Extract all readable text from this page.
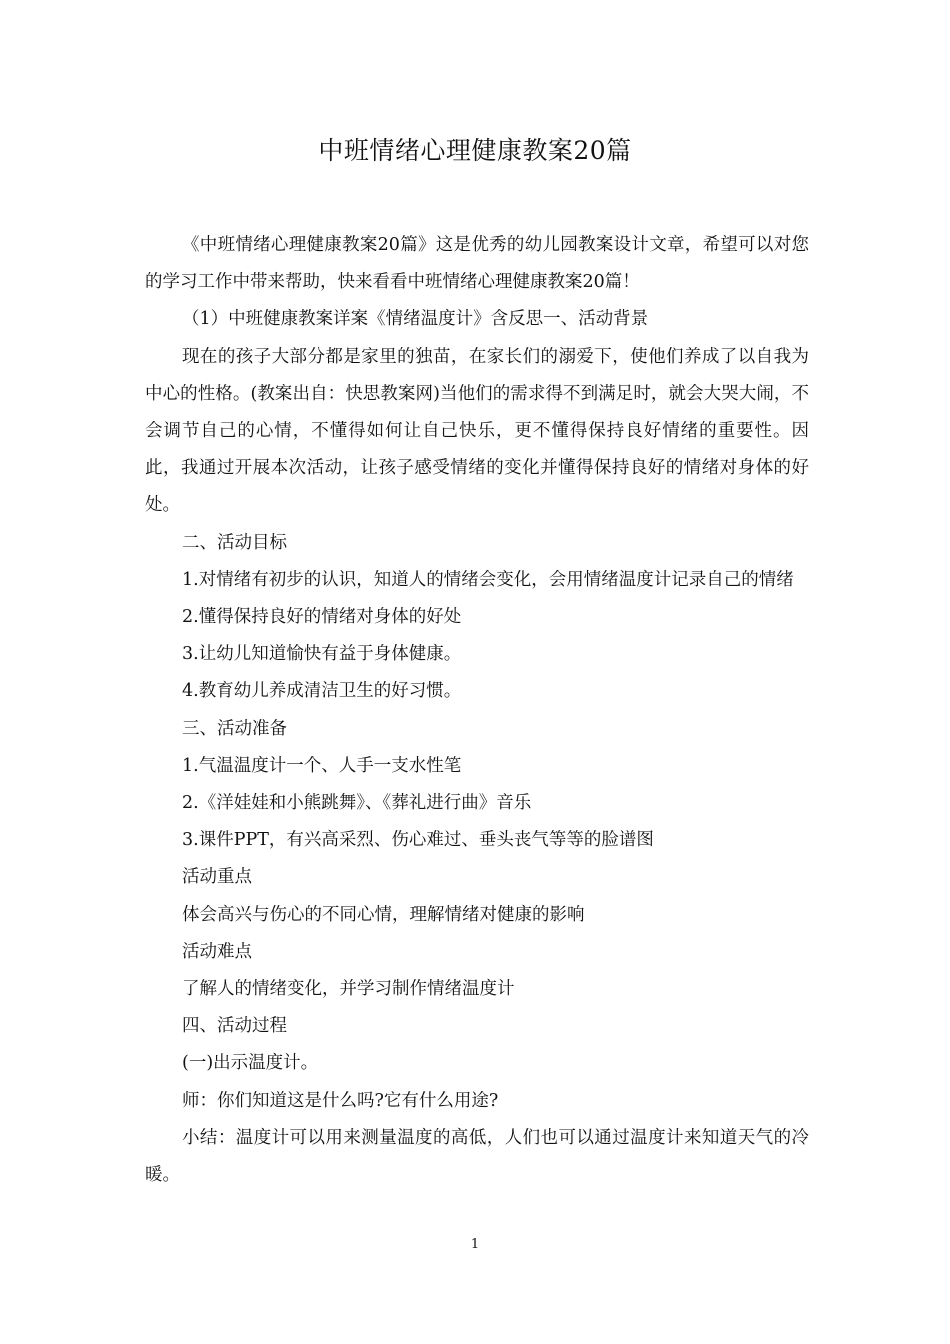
中班情绪心理健康教案20篇

《中班情绪心理健康教案20篇》这是优秀的幼儿园教案设计文章，希望可以对您的学习工作中带来帮助，快来看看中班情绪心理健康教案20篇！

（1）中班健康教案详案《情绪温度计》含反思一、活动背景

现在的孩子大部分都是家里的独苗，在家长们的溺爱下，使他们养成了以自我为中心的性格。(教案出自：快思教案网)当他们的需求得不到满足时，就会大哭大闹，不会调节自己的心情，不懂得如何让自己快乐，更不懂得保持良好情绪的重要性。因此，我通过开展本次活动，让孩子感受情绪的变化并懂得保持良好的情绪对身体的好处。

二、活动目标

1.对情绪有初步的认识，知道人的情绪会变化，会用情绪温度计记录自己的情绪

2.懂得保持良好的情绪对身体的好处

3.让幼儿知道愉快有益于身体健康。

4.教育幼儿养成清洁卫生的好习惯。

三、活动准备

1.气温温度计一个、人手一支水性笔

2.《洋娃娃和小熊跳舞》、《葬礼进行曲》音乐

3.课件PPT，有兴高采烈、伤心难过、垂头丧气等等的脸谱图

活动重点

体会高兴与伤心的不同心情，理解情绪对健康的影响

活动难点

了解人的情绪变化，并学习制作情绪温度计

四、活动过程

(一)出示温度计。

师：你们知道这是什么吗?它有什么用途?

小结：温度计可以用来测量温度的高低，人们也可以通过温度计来知道天气的冷暖。

1
